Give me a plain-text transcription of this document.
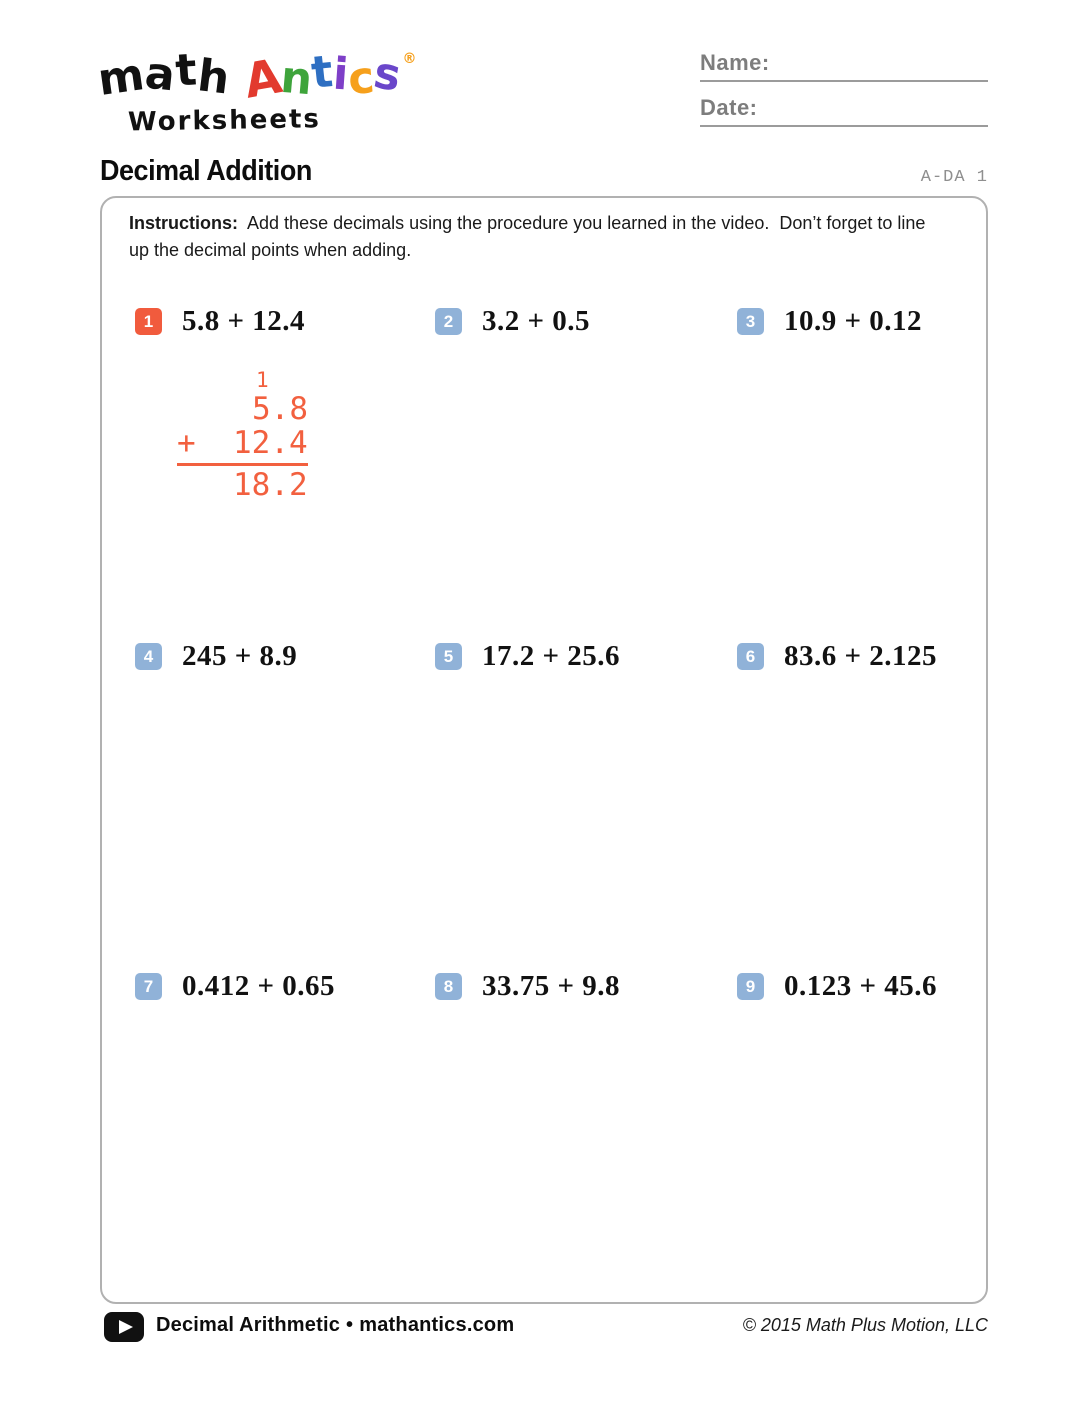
math Antics®
Worksheets
Name:
Date:
Decimal Addition	A-DA 1

Instructions:  Add these decimals using the procedure you learned in the video.  Don’t forget to line up the decimal points when adding.

1 5.8 + 12.4	2 3.2 + 0.5	3 10.9 + 0.12
4 245 + 8.9	5 17.2 + 25.6	6 83.6 + 2.125
7 0.412 + 0.65	8 33.75 + 9.8	9 0.123 + 45.6
1
5.8
+ 12.4
18.2
Decimal Arithmetic • mathantics.com	© 2015 Math Plus Motion, LLC
